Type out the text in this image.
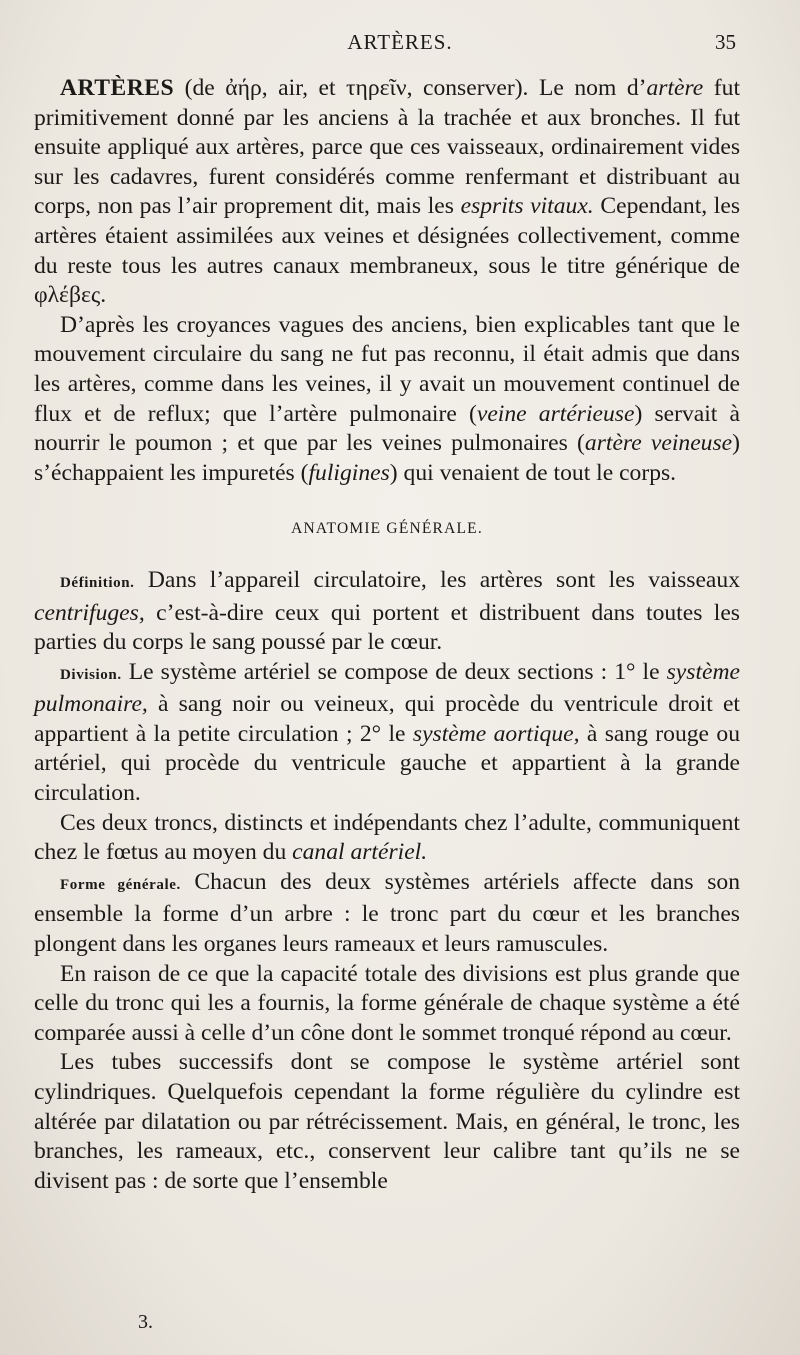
ARTÈRES.	35

ARTÈRES (de ἀήρ, air, et τηρεῖν, conserver). Le nom d’artère fut primitivement donné par les anciens à la trachée et aux bronches. Il fut ensuite appliqué aux artères, parce que ces vaisseaux, ordinairement vides sur les cadavres, furent considérés comme renfermant et distribuant au corps, non pas l’air proprement dit, mais les esprits vitaux. Cependant, les artères étaient assimilées aux veines et désignées collectivement, comme du reste tous les autres canaux membraneux, sous le titre générique de φλέβες.

D’après les croyances vagues des anciens, bien explicables tant que le mouvement circulaire du sang ne fut pas reconnu, il était admis que dans les artères, comme dans les veines, il y avait un mouvement continuel de flux et de reflux; que l’artère pulmonaire (veine artérieuse) servait à nourrir le poumon ; et que par les veines pulmonaires (artère veineuse) s’échappaient les impuretés (fuligines) qui venaient de tout le corps.

ANATOMIE GÉNÉRALE.

Définition. Dans l’appareil circulatoire, les artères sont les vaisseaux centrifuges, c’est-à-dire ceux qui portent et distribuent dans toutes les parties du corps le sang poussé par le cœur.

Division. Le système artériel se compose de deux sections : 1° le système pulmonaire, à sang noir ou veineux, qui procède du ventricule droit et appartient à la petite circulation ; 2° le système aortique, à sang rouge ou artériel, qui procède du ventricule gauche et appartient à la grande circulation.

Ces deux troncs, distincts et indépendants chez l’adulte, communiquent chez le fœtus au moyen du canal artériel.

Forme générale. Chacun des deux systèmes artériels affecte dans son ensemble la forme d’un arbre : le tronc part du cœur et les branches plongent dans les organes leurs rameaux et leurs ramuscules.

En raison de ce que la capacité totale des divisions est plus grande que celle du tronc qui les a fournis, la forme générale de chaque système a été comparée aussi à celle d’un cône dont le sommet tronqué répond au cœur.

Les tubes successifs dont se compose le système artériel sont cylindriques. Quelquefois cependant la forme régulière du cylindre est altérée par dilatation ou par rétrécissement. Mais, en général, le tronc, les branches, les rameaux, etc., conservent leur calibre tant qu’ils ne se divisent pas : de sorte que l’ensemble

3.
